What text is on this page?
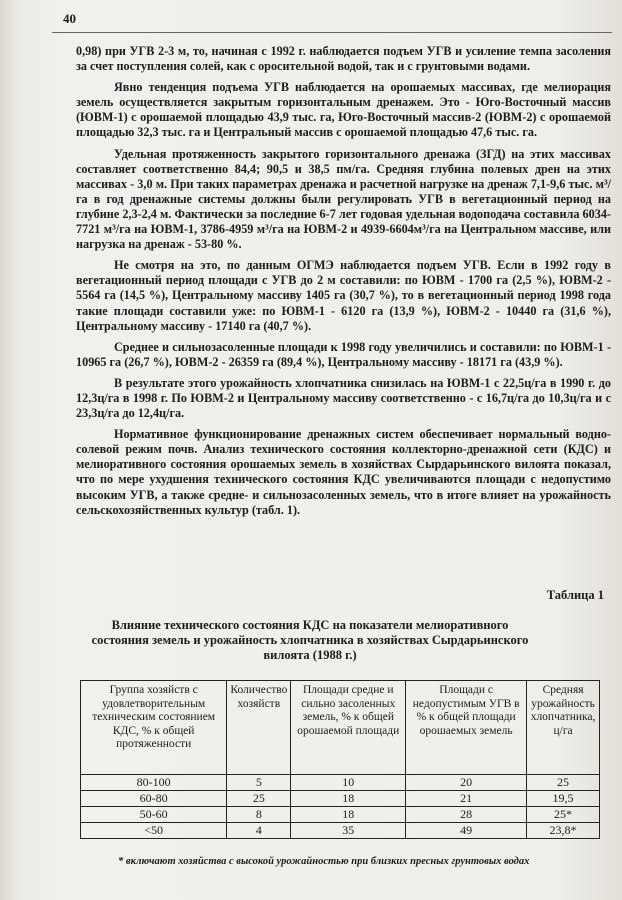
40

0,98) при УГВ 2-3 м, то, начиная с 1992 г. наблюдается подъем УГВ и усиление темпа засоления за счет поступления солей, как с оросительной водой, так и с грунтовыми водами.

Явно тенденция подъема УГВ наблюдается на орошаемых массивах, где мелиорация земель осуществляется закрытым горизонтальным дренажем. Это - Юго-Восточный массив (ЮВМ-1) с орошаемой площадью 43,9 тыс. га, Юго-Восточный массив-2 (ЮВМ-2) с орошаемой площадью 32,3 тыс. га и Центральный массив с орошаемой площадью 47,6 тыс. га.

Удельная протяженность закрытого горизонтального дренажа (ЗГД) на этих массивах составляет соответственно 84,4; 90,5 и 38,5 пм/га. Средняя глубина полевых дрен на этих массивах - 3,0 м. При таких параметрах дренажа и расчетной нагрузке на дренаж 7,1-9,6 тыс. м³/га в год дренажные системы должны были регулировать УГВ в вегетационный период на глубине 2,3-2,4 м. Фактически за последние 6-7 лет годовая удельная водоподача составила 6034-7721 м³/га на ЮВМ-1, 3786-4959 м³/га на ЮВМ-2 и 4939-6604м³/га на Центральном массиве, или нагрузка на дренаж - 53-80 %.

Не смотря на это, по данным ОГМЭ наблюдается подъем УГВ. Если в 1992 году в вегетационный период площади с УГВ до 2 м составили: по ЮВМ - 1700 га (2,5 %), ЮВМ-2 - 5564 га (14,5 %), Центральному массиву 1405 га (30,7 %), то в вегетационный период 1998 года такие площади составили уже: по ЮВМ-1 - 6120 га (13,9 %), ЮВМ-2 - 10440 га (31,6 %), Центральному массиву - 17140 га (40,7 %).

Среднее и сильнозасоленные площади к 1998 году увеличились и составили: по ЮВМ-1 - 10965 га (26,7 %), ЮВМ-2 - 26359 га (89,4 %), Центральному массиву - 18171 га (43,9 %).

В результате этого урожайность хлопчатника снизилась на ЮВМ-1 с 22,5ц/га в 1990 г. до 12,3ц/га в 1998 г. По ЮВМ-2 и Центральному массиву соответственно - с 16,7ц/га до 10,3ц/га и с 23,3ц/га до 12,4ц/га.

Нормативное функционирование дренажных систем обеспечивает нормальный водно-солевой режим почв. Анализ технического состояния коллекторно-дренажной сети (КДС) и мелиоративного состояния орошаемых земель в хозяйствах Сырдарьинского вилоята показал, что по мере ухудшения технического состояния КДС увеличиваются площади с недопустимо высоким УГВ, а также средне- и сильнозасоленных земель, что в итоге влияет на урожайность сельскохозяйственных культур (табл. 1).

Таблица 1
Влияние технического состояния КДС на показатели мелиоративного состояния земель и урожайность хлопчатника в хозяйствах Сырдарьинского вилоята (1988 г.)
Группа хозяйств с удовлетворительным техническим состоянием КДС, % к общей протяженности	Количество хозяйств	Площади средне и сильно засоленных земель, % к общей орошаемой площади	Площади с недопустимым УГВ в % к общей площади орошаемых земель	Средняя урожайность хлопчатника, ц/га
80-100	5	10	20	25
60-80	25	18	21	19,5
50-60	8	18	28	25*
<50	4	35	49	23,8*
* включают хозяйства с высокой урожайностью при близких пресных грунтовых водах
